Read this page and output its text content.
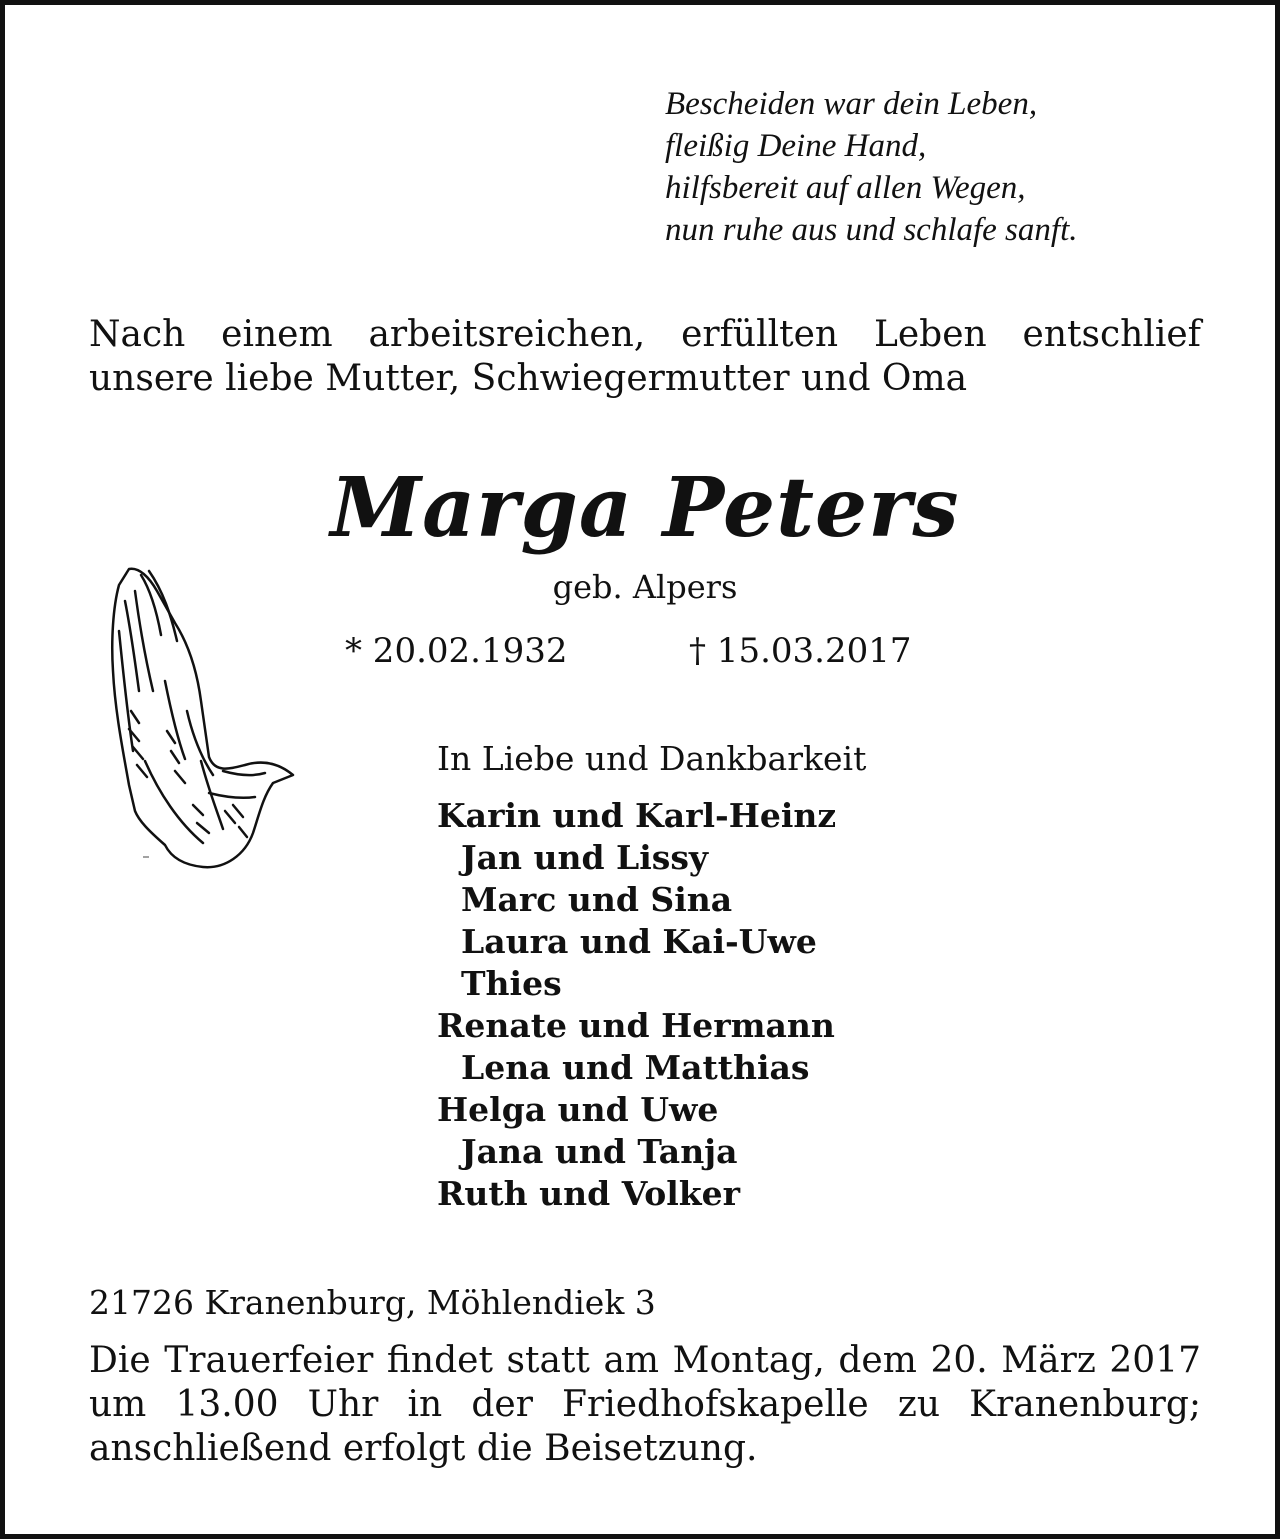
Bescheiden war dein Leben,
fleißig Deine Hand,
hilfsbereit auf allen Wegen,
nun ruhe aus und schlafe sanft.

Nach einem arbeitsreichen, erfüllten Leben entschlief
unsere liebe Mutter, Schwiegermutter und Oma

Marga Peters
geb. Alpers
* 20.02.1932	† 15.03.2017
In Liebe und Dankbarkeit
Karin und Karl-Heinz
Jan und Lissy
Marc und Sina
Laura und Kai-Uwe
Thies
Renate und Hermann
Lena und Matthias
Helga und Uwe
Jana und Tanja
Ruth und Volker
21726 Kranenburg, Möhlendiek 3

Die Trauerfeier findet statt am Montag, dem 20. März 2017
um 13.00 Uhr in der Friedhofskapelle zu Kranenburg;
anschließend erfolgt die Beisetzung.
